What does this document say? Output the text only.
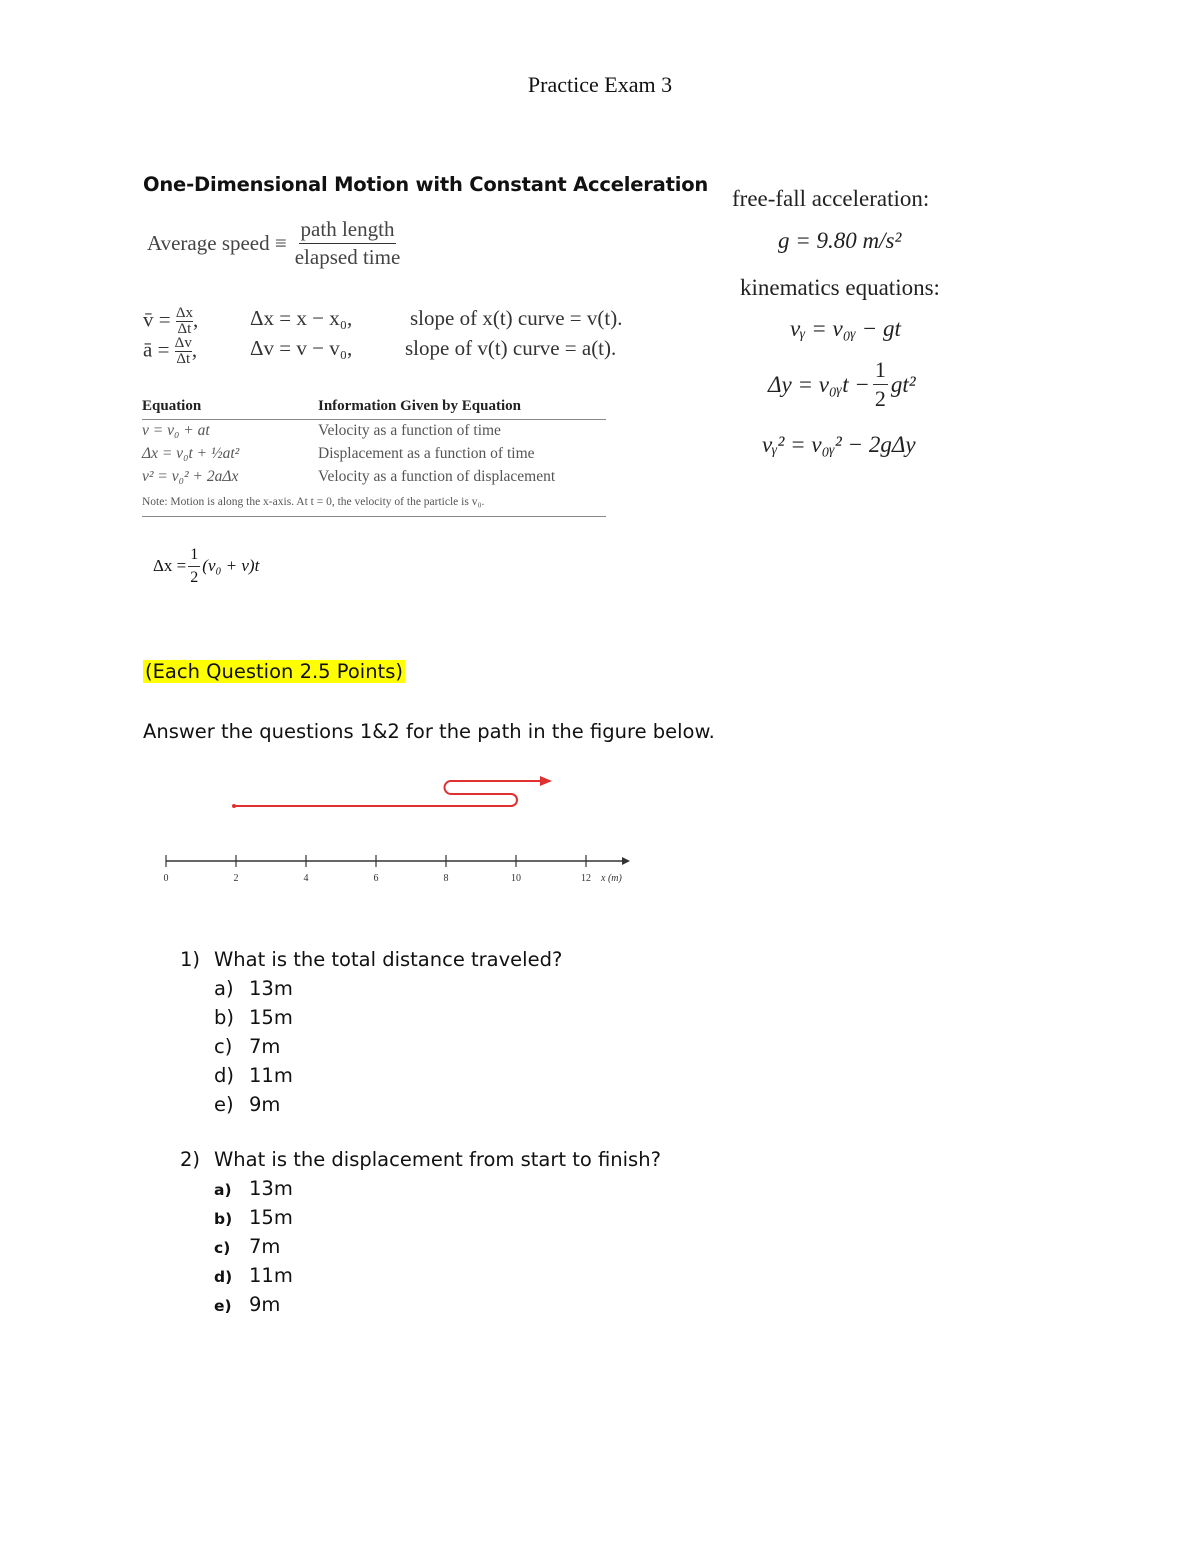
Practice Exam 3
One-Dimensional Motion with Constant Acceleration
Average speed ≡ $\frac{\text{path length}}{\text{elapsed time}}$
v̄ = $\frac{\Delta x}{\Delta t}$ , Δx = x − x₀,	slope of x(t) curve = v(t).
ā = $\frac{\Delta v}{\Delta t}$ ,	Δv = v − v₀,	slope of v(t) curve = a(t).
Equation	Information Given by Equation
v = v₀ + at	Velocity as a function of time
Δx = v₀t + ½at²	Displacement as a function of time
v² = v₀² + 2aΔx	Velocity as a function of displacement
Note: Motion is along the x-axis. At t = 0, the velocity of the particle is v₀.
$\Delta x = \frac{1}{2} (v_0 + v)t$
free-fall acceleration:
g = 9.80 m/s²
kinematics equations:
vᵧ = v₀ᵧ − gt
Δy = v₀ᵧt − $\frac{1}{2} gt^2$
vᵧ² = v₀ᵧ² − 2gΔy
(Each Question 2.5 Points)
Answer the questions 1&2 for the path in the figure below.
0	2	4	6	8	10	12 x (m)
1) What is the total distance traveled?
a) 13m
b) 15m
c) 7m
d) 11m
e) 9m
2) What is the displacement from start to finish?
a) 13m
b) 15m
c) 7m
d) 11m
e) 9m
